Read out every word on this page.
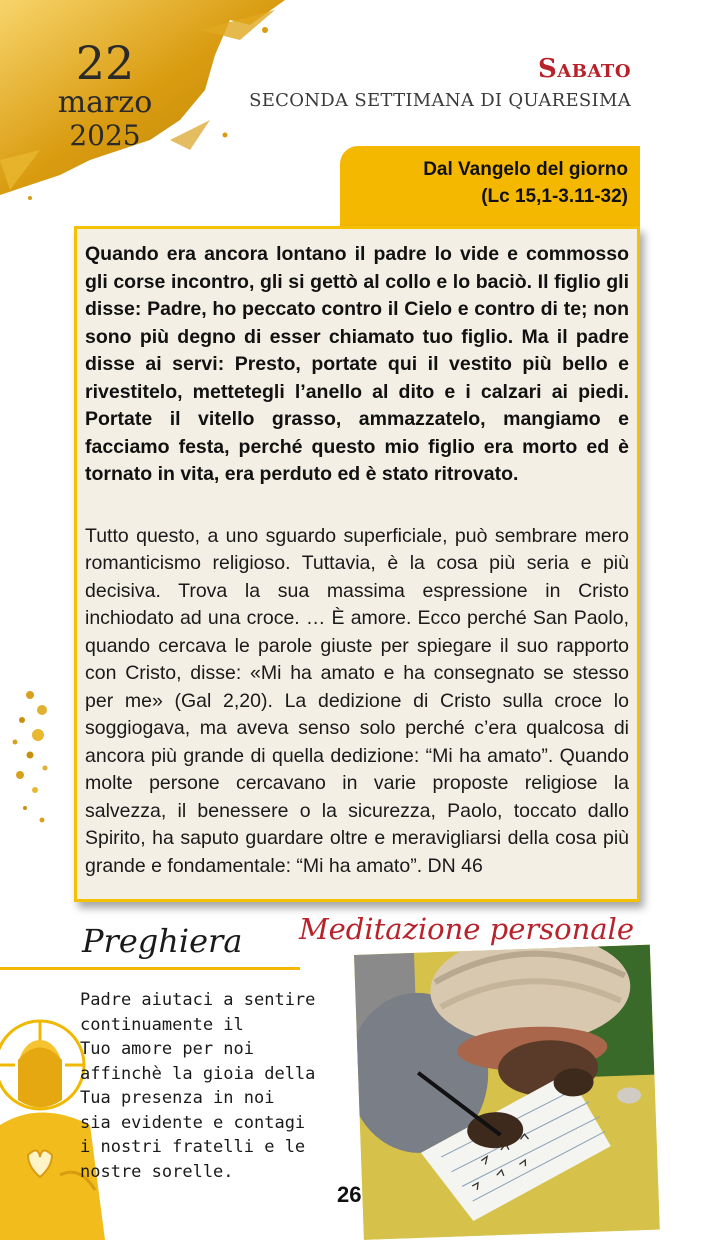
22
marzo
2025
Sabato
SECONDA SETTIMANA DI QUARESIMA
Dal Vangelo del giorno
(Lc 15,1-3.11-32)

Quando era ancora lontano il padre lo vide e commosso gli corse incontro, gli si gettò al collo e lo baciò. Il figlio gli disse: Padre, ho peccato contro il Cielo e contro di te; non sono più degno di esser chiamato tuo figlio. Ma il padre disse ai servi: Presto, portate qui il vestito più bello e rivestitelo, mettetegli l’anello al dito e i calzari ai piedi. Portate il vitello grasso, ammazzatelo, mangiamo e facciamo festa, perché questo mio figlio era morto ed è tornato in vita, era perduto ed è stato ritrovato.

Tutto questo, a uno sguardo superficiale, può sembrare mero romanticismo religioso. Tuttavia, è la cosa più seria e più decisiva. Trova la sua massima espressione in Cristo inchiodato ad una croce. … È amore. Ecco perché San Paolo, quando cercava le parole giuste per spiegare il suo rapporto con Cristo, disse: «Mi ha amato e ha consegnato se stesso per me» (Gal 2,20). La dedizione di Cristo sulla croce lo soggiogava, ma aveva senso solo perché c’era qualcosa di ancora più grande di quella dedizione: “Mi ha amato”. Quando molte persone cercavano in varie proposte religiose la salvezza, il benessere o la sicurezza, Paolo, toccato dallo Spirito, ha saputo guardare oltre e meravigliarsi della cosa più grande e fondamentale: “Mi ha amato”. DN 46

Preghiera
Padre aiutaci a sentire
continuamente il
Tuo amore per noi
affinchè la gioia della
Tua presenza in noi
sia evidente e contagi
i nostri fratelli e le
nostre sorelle.
Meditazione personale
26
